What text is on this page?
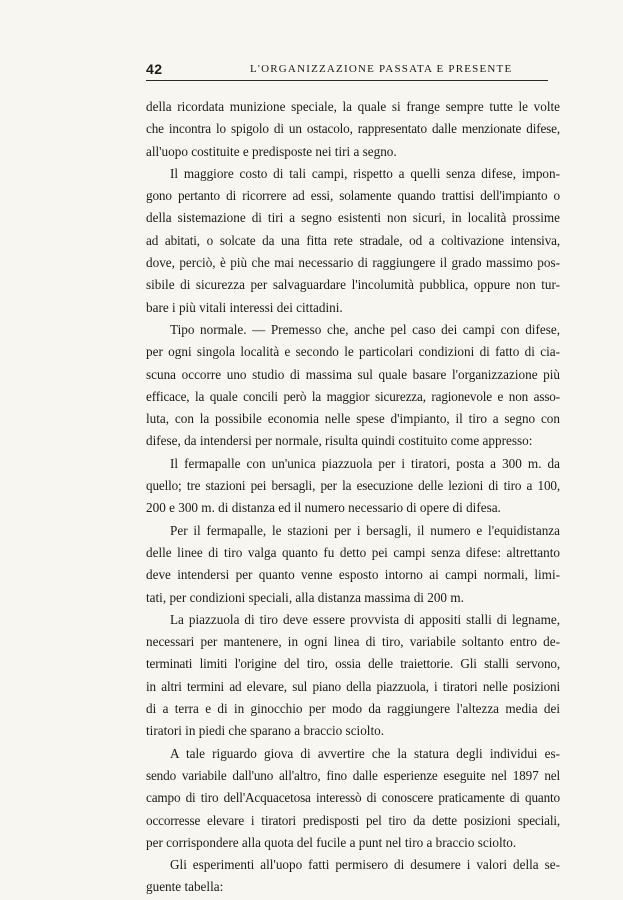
42	L'ORGANIZZAZIONE PASSATA E PRESENTE
della ricordata munizione speciale, la quale si frange sempre tutte le volte
che incontra lo spigolo di un ostacolo, rappresentato dalle menzionate difese,
all'uopo costituite e predisposte nei tiri a segno.
Il maggiore costo di tali campi, rispetto a quelli senza difese, impon-
gono pertanto di ricorrere ad essi, solamente quando trattisi dell'impianto o
della sistemazione di tiri a segno esistenti non sicuri, in località prossime
ad abitati, o solcate da una fitta rete stradale, od a coltivazione intensiva,
dove, perciò, è più che mai necessario di raggiungere il grado massimo pos-
sibile di sicurezza per salvaguardare l'incolumità pubblica, oppure non tur-
bare i più vitali interessi dei cittadini.
Tipo normale. — Premesso che, anche pel caso dei campi con difese,
per ogni singola località e secondo le particolari condizioni di fatto di cia-
scuna occorre uno studio di massima sul quale basare l'organizzazione più
efficace, la quale concili però la maggior sicurezza, ragionevole e non asso-
luta, con la possibile economia nelle spese d'impianto, il tiro a segno con
difese, da intendersi per normale, risulta quindi costituito come appresso:
Il fermapalle con un'unica piazzuola per i tiratori, posta a 300 m. da
quello; tre stazioni pei bersagli, per la esecuzione delle lezioni di tiro a 100,
200 e 300 m. di distanza ed il numero necessario di opere di difesa.
Per il fermapalle, le stazioni per i bersagli, il numero e l'equidistanza
delle linee di tiro valga quanto fu detto pei campi senza difese: altrettanto
deve intendersi per quanto venne esposto intorno ai campi normali, limi-
tati, per condizioni speciali, alla distanza massima di 200 m.
La piazzuola di tiro deve essere provvista di appositi stalli di legname,
necessari per mantenere, in ogni linea di tiro, variabile soltanto entro de-
terminati limiti l'origine del tiro, ossia delle traiettorie. Gli stalli servono,
in altri termini ad elevare, sul piano della piazzuola, i tiratori nelle posizioni
di a terra e di in ginocchio per modo da raggiungere l'altezza media dei
tiratori in piedi che sparano a braccio sciolto.
A tale riguardo giova di avvertire che la statura degli individui es-
sendo variabile dall'uno all'altro, fino dalle esperienze eseguite nel 1897 nel
campo di tiro dell'Acquacetosa interessò di conoscere praticamente di quanto
occorresse elevare i tiratori predisposti pel tiro da dette posizioni speciali,
per corrispondere alla quota del fucile a punt nel tiro a braccio sciolto.
Gli esperimenti all'uopo fatti permisero di desumere i valori della se-
guente tabella:
